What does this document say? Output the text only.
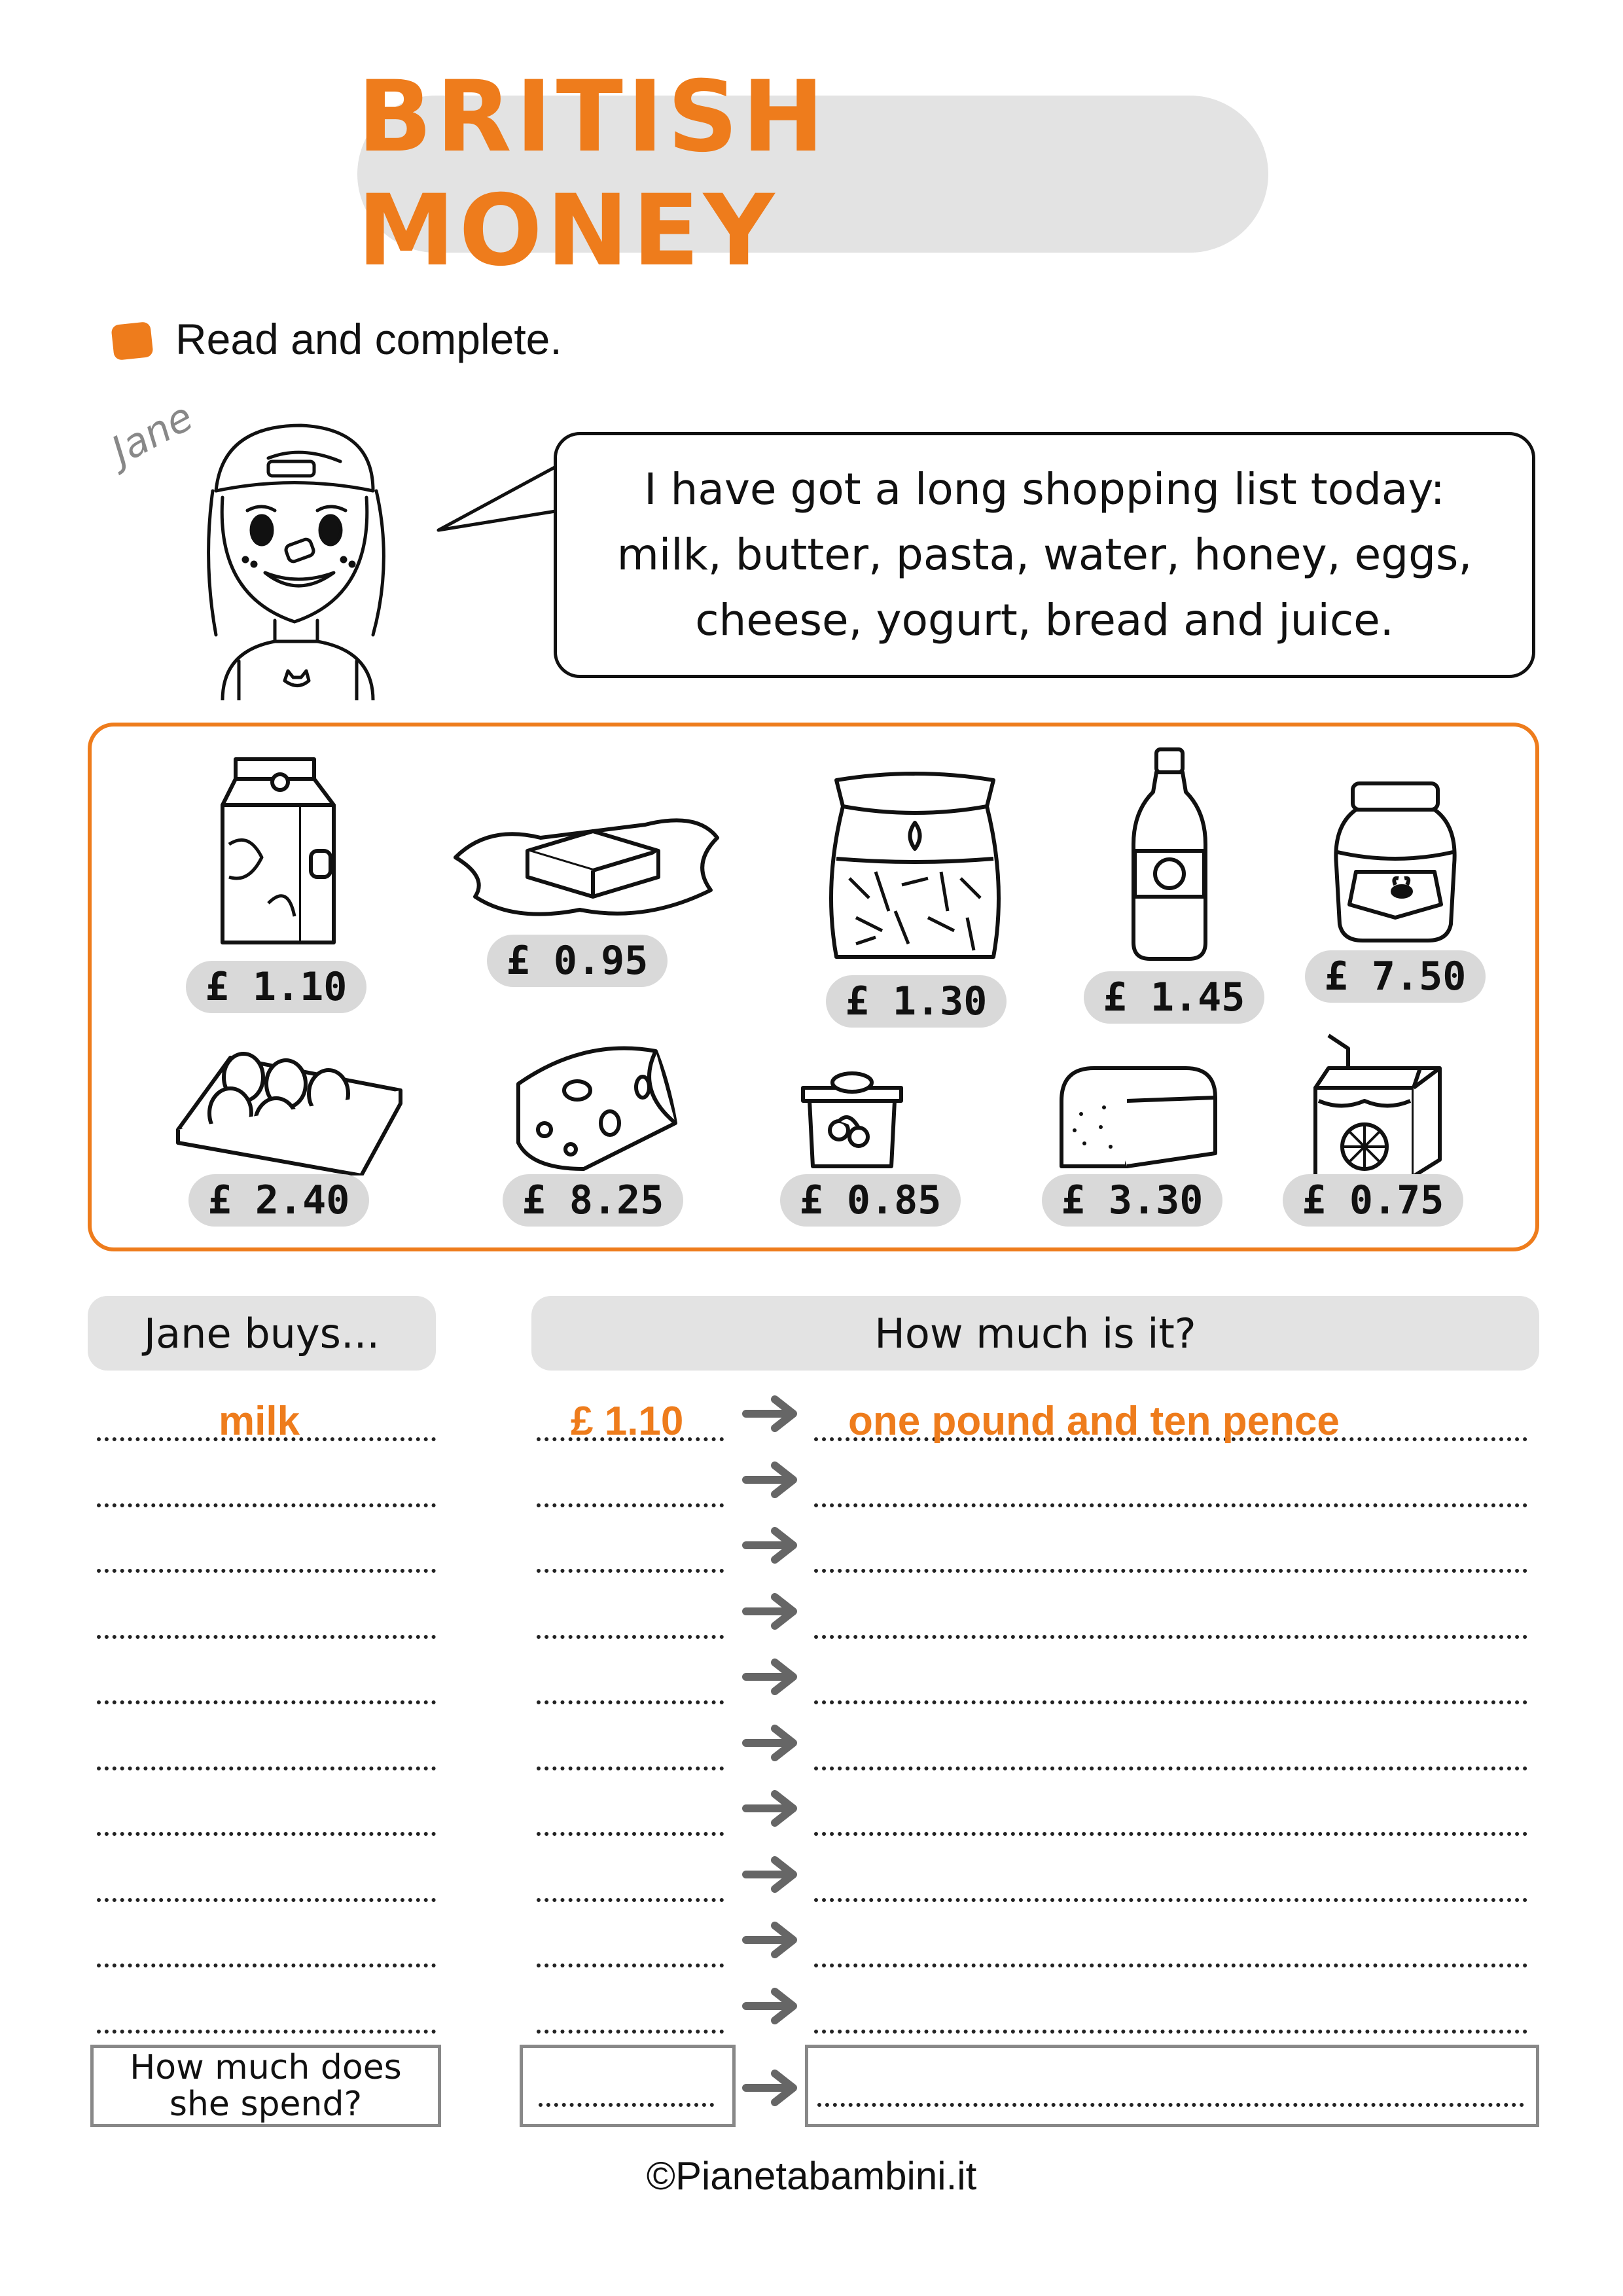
BRITISH MONEY
Read and complete.
Jane
I have got a long shopping list today:
milk, butter, pasta, water, honey, eggs,
cheese, yogurt, bread and juice.
£ 1.10
£ 0.95
£ 1.30	£ 1.45	£ 7.50
£ 2.40	£ 8.25	£ 0.85	£ 3.30	£ 0.75
Jane buys...	How much is it?
milk	£ 1.10	one pound and ten pence
How much does
she spend?
©Pianetabambini.it
